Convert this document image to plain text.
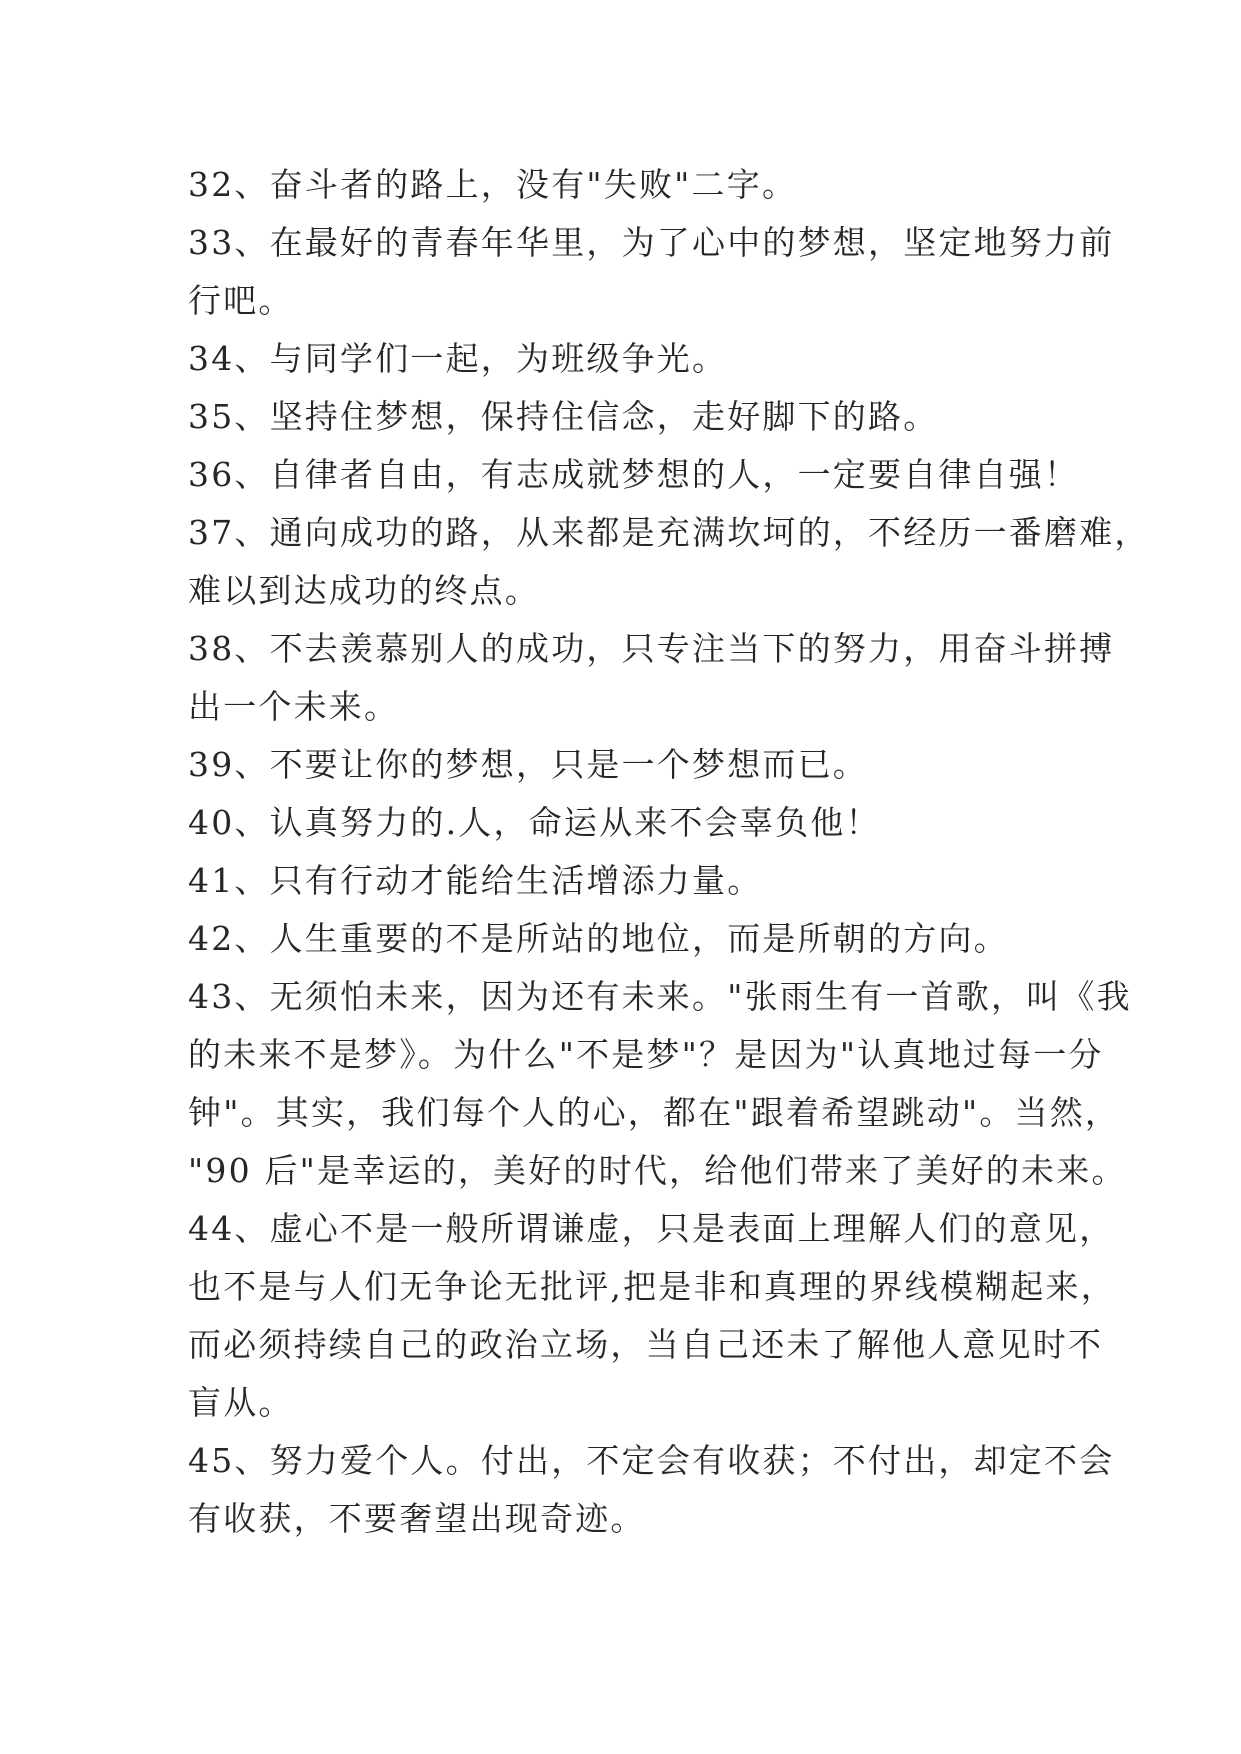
32、奋斗者的路上，没有"失败"二字。
33、在最好的青春年华里，为了心中的梦想，坚定地努力前
行吧。
34、与同学们一起，为班级争光。
35、坚持住梦想，保持住信念，走好脚下的路。
36、自律者自由，有志成就梦想的人，一定要自律自强！
37、通向成功的路，从来都是充满坎坷的，不经历一番磨难，
难以到达成功的终点。
38、不去羡慕别人的成功，只专注当下的努力，用奋斗拼搏
出一个未来。
39、不要让你的梦想，只是一个梦想而已。
40、认真努力的.人，命运从来不会辜负他！
41、只有行动才能给生活增添力量。
42、人生重要的不是所站的地位，而是所朝的方向。
43、无须怕未来，因为还有未来。"张雨生有一首歌，叫《我
的未来不是梦》。为什么"不是梦"？是因为"认真地过每一分
钟"。其实，我们每个人的心，都在"跟着希望跳动"。当然，
"90 后"是幸运的，美好的时代，给他们带来了美好的未来。
44、虚心不是一般所谓谦虚，只是表面上理解人们的意见，
也不是与人们无争论无批评,把是非和真理的界线模糊起来，
而必须持续自己的政治立场，当自己还未了解他人意见时不
盲从。
45、努力爱个人。付出，不定会有收获；不付出，却定不会
有收获，不要奢望出现奇迹。
